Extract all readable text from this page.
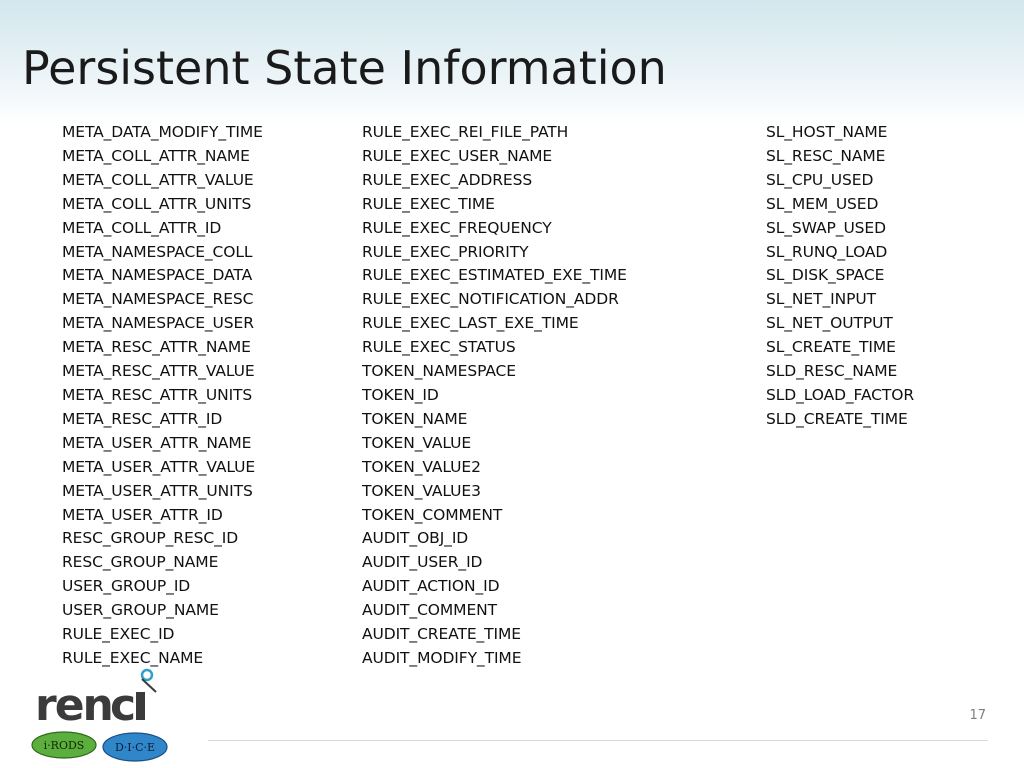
Persistent State Information
META_DATA_MODIFY_TIME
META_COLL_ATTR_NAME
META_COLL_ATTR_VALUE
META_COLL_ATTR_UNITS
META_COLL_ATTR_ID
META_NAMESPACE_COLL
META_NAMESPACE_DATA
META_NAMESPACE_RESC
META_NAMESPACE_USER
META_RESC_ATTR_NAME
META_RESC_ATTR_VALUE
META_RESC_ATTR_UNITS
META_RESC_ATTR_ID
META_USER_ATTR_NAME
META_USER_ATTR_VALUE
META_USER_ATTR_UNITS
META_USER_ATTR_ID
RESC_GROUP_RESC_ID
RESC_GROUP_NAME
USER_GROUP_ID
USER_GROUP_NAME
RULE_EXEC_ID
RULE_EXEC_NAME
RULE_EXEC_REI_FILE_PATH
RULE_EXEC_USER_NAME
RULE_EXEC_ADDRESS
RULE_EXEC_TIME
RULE_EXEC_FREQUENCY
RULE_EXEC_PRIORITY
RULE_EXEC_ESTIMATED_EXE_TIME
RULE_EXEC_NOTIFICATION_ADDR
RULE_EXEC_LAST_EXE_TIME
RULE_EXEC_STATUS
TOKEN_NAMESPACE
TOKEN_ID
TOKEN_NAME
TOKEN_VALUE
TOKEN_VALUE2
TOKEN_VALUE3
TOKEN_COMMENT
AUDIT_OBJ_ID
AUDIT_USER_ID
AUDIT_ACTION_ID
AUDIT_COMMENT
AUDIT_CREATE_TIME
AUDIT_MODIFY_TIME
SL_HOST_NAME
SL_RESC_NAME
SL_CPU_USED
SL_MEM_USED
SL_SWAP_USED
SL_RUNQ_LOAD
SL_DISK_SPACE
SL_NET_INPUT
SL_NET_OUTPUT
SL_CREATE_TIME
SLD_RESC_NAME
SLD_LOAD_FACTOR
SLD_CREATE_TIME
ren
c
i·RODS	D·I·C·E
17
